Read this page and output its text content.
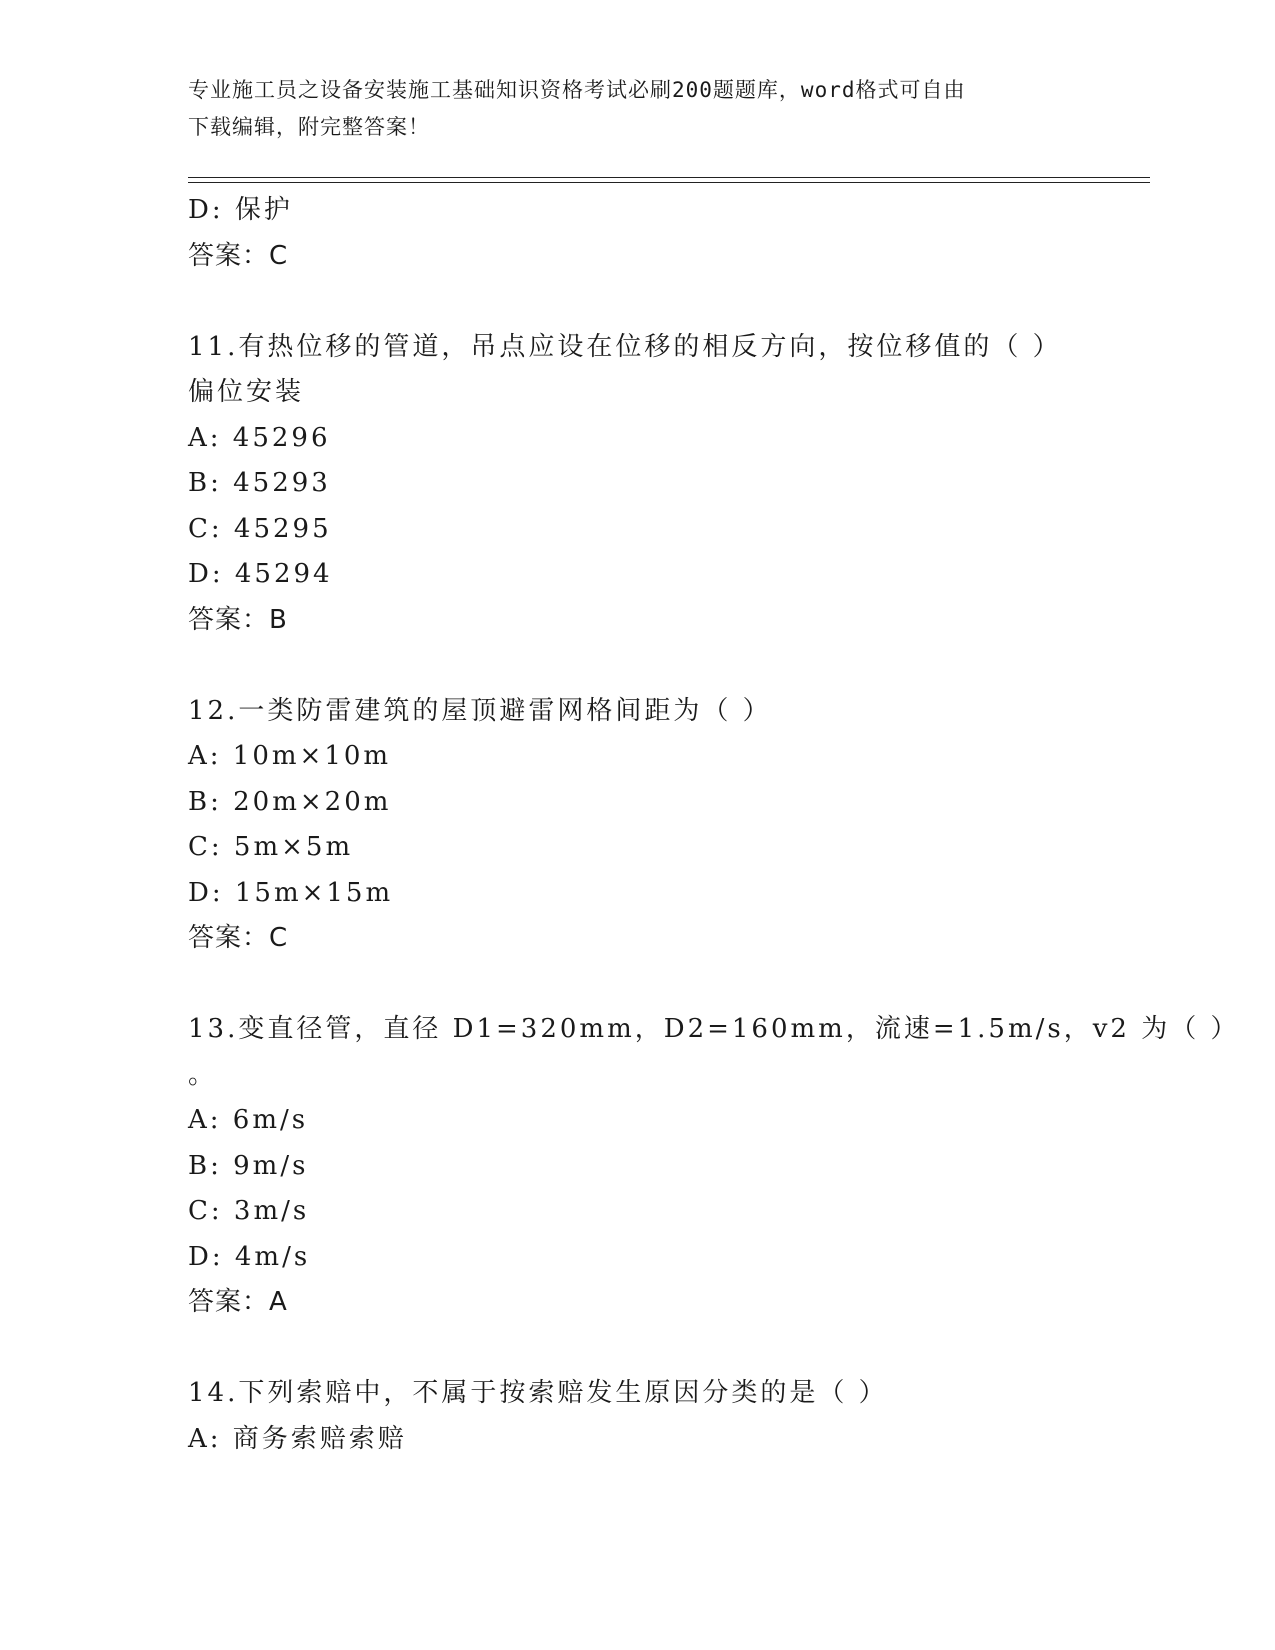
专业施工员之设备安装施工基础知识资格考试必刷200题题库，word格式可自由
下载编辑，附完整答案！
D: 保护
答案：C
11.有热位移的管道，吊点应设在位移的相反方向，按位移值的（ ）
偏位安装
A: 45296
B: 45293
C: 45295
D: 45294
答案：B
12.一类防雷建筑的屋顶避雷网格间距为（ ）
A: 10m×10m
B: 20m×20m
C: 5m×5m
D: 15m×15m
答案：C
13.变直径管，直径 D1=320mm，D2=160mm，流速=1.5m/s，v2 为（ ）
。
A: 6m/s
B: 9m/s
C: 3m/s
D: 4m/s
答案：A
14.下列索赔中，不属于按索赔发生原因分类的是（ ）
A: 商务索赔索赔
